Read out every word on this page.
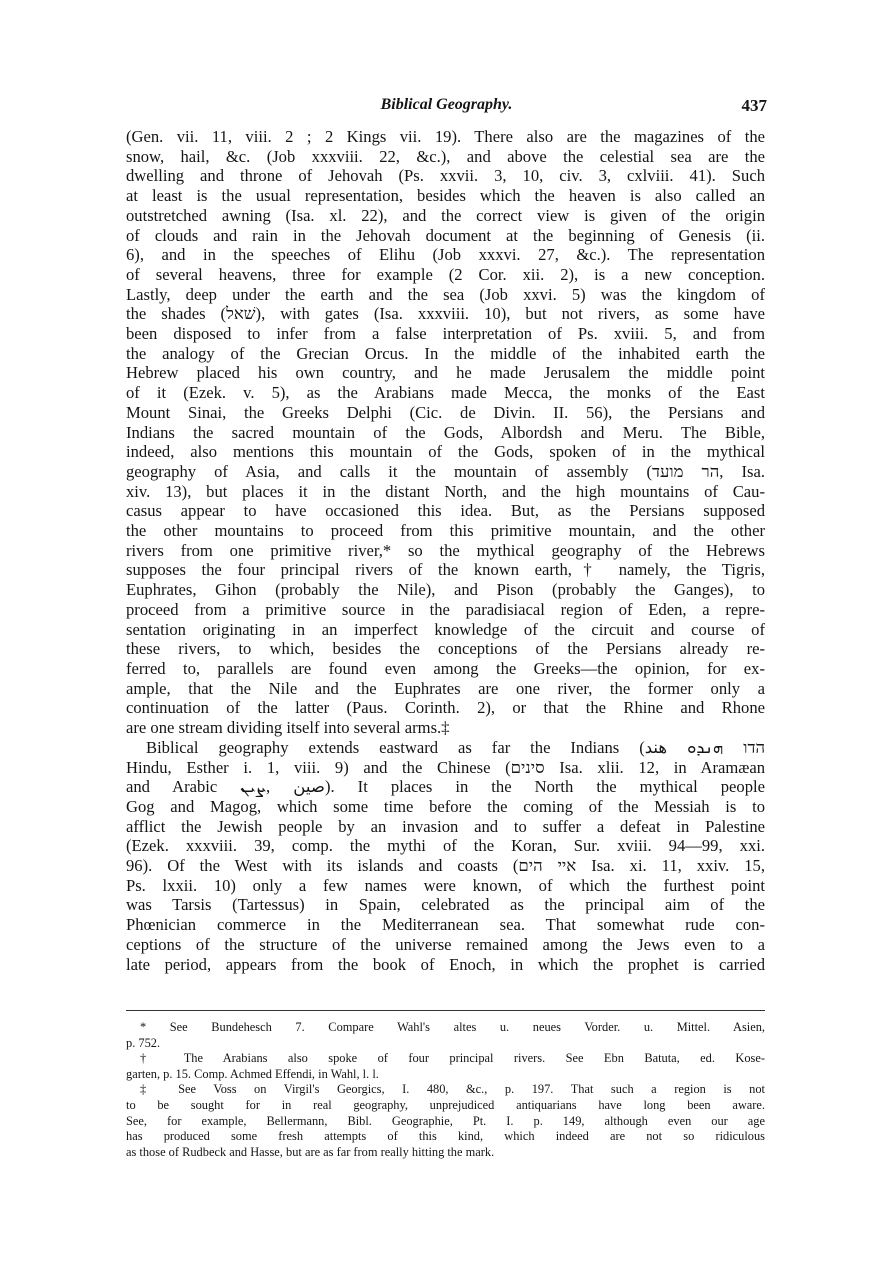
Biblical Geography.	437

(Gen. vii. 11, viii. 2 ; 2 Kings vii. 19). There also are the magazines of the
snow, hail, &c. (Job xxxviii. 22, &c.), and above the celestial sea are the
dwelling and throne of Jehovah (Ps. xxvii. 3, 10, civ. 3, cxlviii. 41). Such
at least is the usual representation, besides which the heaven is also called an
outstretched awning (Isa. xl. 22), and the correct view is given of the origin
of clouds and rain in the Jehovah document at the beginning of Genesis (ii.
6), and in the speeches of Elihu (Job xxxvi. 27, &c.). The representation
of several heavens, three for example (2 Cor. xii. 2), is a new conception.
Lastly, deep under the earth and the sea (Job xxvi. 5) was the kingdom of
the shades (שׁאל), with gates (Isa. xxxviii. 10), but not rivers, as some have
been disposed to infer from a false interpretation of Ps. xviii. 5, and from
the analogy of the Grecian Orcus. In the middle of the inhabited earth the
Hebrew placed his own country, and he made Jerusalem the middle point
of it (Ezek. v. 5), as the Arabians made Mecca, the monks of the East
Mount Sinai, the Greeks Delphi (Cic. de Divin. II. 56), the Persians and
Indians the sacred mountain of the Gods, Albordsh and Meru. The Bible,
indeed, also mentions this mountain of the Gods, spoken of in the mythical
geography of Asia, and calls it the mountain of assembly (הר מועד, Isa.
xiv. 13), but places it in the distant North, and the high mountains of Cau-
casus appear to have occasioned this idea. But, as the Persians supposed
the other mountains to proceed from this primitive mountain, and the other
rivers from one primitive river,* so the mythical geography of the Hebrews
supposes the four principal rivers of the known earth,† namely, the Tigris,
Euphrates, Gihon (probably the Nile), and Pison (probably the Ganges), to
proceed from a primitive source in the paradisiacal region of Eden, a repre-
sentation originating in an imperfect knowledge of the circuit and course of
these rivers, to which, besides the conceptions of the Persians already re-
ferred to, parallels are found even among the Greeks—the opinion, for ex-
ample, that the Nile and the Euphrates are one river, the former only a
continuation of the latter (Paus. Corinth. 2), or that the Rhine and Rhone
are one stream dividing itself into several arms.‡

Biblical geography extends eastward as far the Indians (הדו ܗܢܕܘ هند
Hindu, Esther i. 1, viii. 9) and the Chinese (סינים Isa. xlii. 12, in Aramæan
and Arabic صين ,ܨܝܢ). It places in the North the mythical people
Gog and Magog, which some time before the coming of the Messiah is to
afflict the Jewish people by an invasion and to suffer a defeat in Palestine
(Ezek. xxxviii. 39, comp. the mythi of the Koran, Sur. xviii. 94—99, xxi.
96). Of the West with its islands and coasts (איי הים Isa. xi. 11, xxiv. 15,
Ps. lxxii. 10) only a few names were known, of which the furthest point
was Tarsis (Tartessus) in Spain, celebrated as the principal aim of the
Phœnician commerce in the Mediterranean sea. That somewhat rude con-
ceptions of the structure of the universe remained among the Jews even to a
late period, appears from the book of Enoch, in which the prophet is carried

* See Bundehesch 7. Compare Wahl's altes u. neues Vorder. u. Mittel. Asien,
p. 752.
† The Arabians also spoke of four principal rivers. See Ebn Batuta, ed. Kose-
garten, p. 15. Comp. Achmed Effendi, in Wahl, l. l.
‡ See Voss on Virgil's Georgics, I. 480, &c., p. 197. That such a region is not
to be sought for in real geography, unprejudiced antiquarians have long been aware.
See, for example, Bellermann, Bibl. Geographie, Pt. I. p. 149, although even our age
has produced some fresh attempts of this kind, which indeed are not so ridiculous
as those of Rudbeck and Hasse, but are as far from really hitting the mark.
